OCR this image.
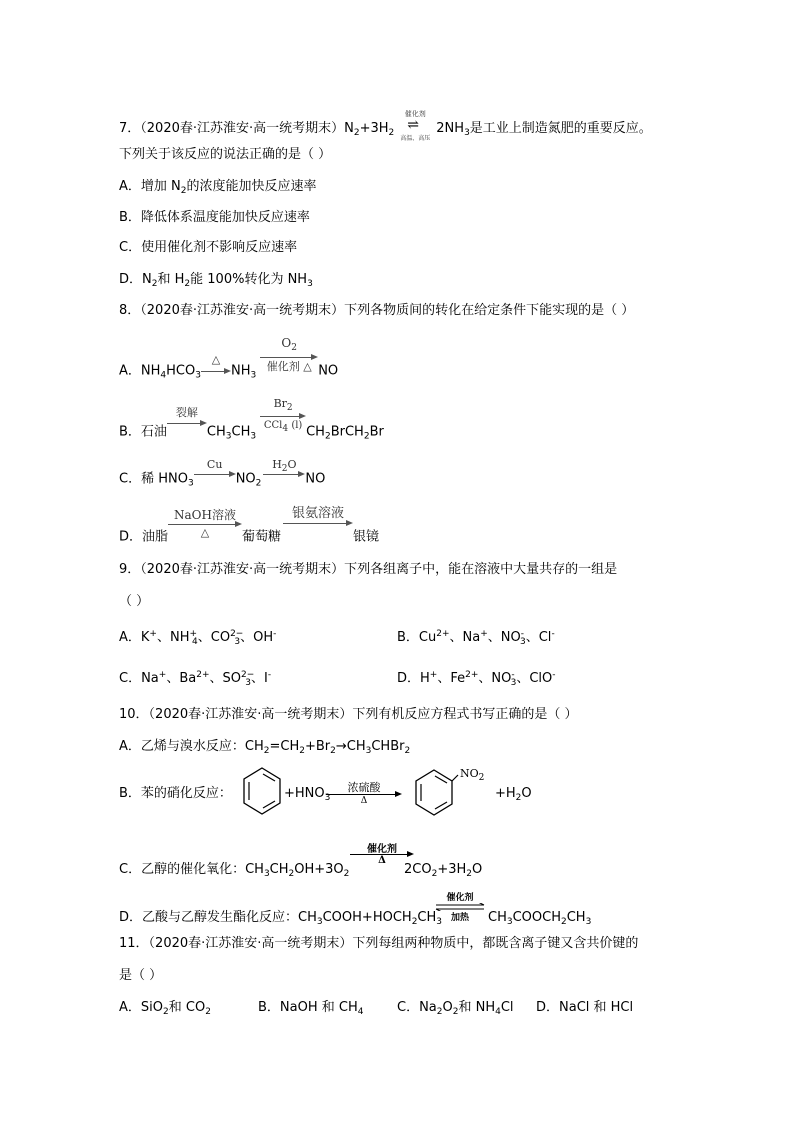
7．（2020春·江苏淮安·高一统考期末）$N_2+3H_2$
催化剂
⇌
高温、高压
$2NH_3$是工业上制造氮肥的重要反应。
下列关于该反应的说法正确的是（ ）
A．增加 $N_2$的浓度能加快反应速率
B．降低体系温度能加快反应速率
C．使用催化剂不影响反应速率
D．$N_2$和 $H_2$能 100%转化为 $NH_3$
8．（2020春·江苏淮安·高一统考期末）下列各物质间的转化在给定条件下能实现的是（ ）
A．$NH_4HCO_3$
△
$NH_3$
$O_2$
催化剂 △ NO
B．石油
裂解
$CH_3CH_3$
$Br_2$
CCl$_4$ (l) $CH_2BrCH_2Br$
C．稀 $HNO_3$
Cu
$NO_2$
$H_2O$
NO
D．油脂
NaOH溶液
△	葡萄糖
银氨溶液
银镜
9．（2020春·江苏淮安·高一统考期末）下列各组离子中，能在溶液中大量共存的一组是
（ ）
A．K+、$NH^+_4$、$CO^{2-}_3$、OH-	B．$Cu^{2+}$、Na+、$NO^-_3$、Cl-
C．Na+、$Ba^{2+}$、$SO^{2-}_3$、I-	D．H+、$Fe^{2+}$、$NO^-_3$、ClO-
10．（2020春·江苏淮安·高一统考期末）下列有机反应方程式书写正确的是（ ）
A．乙烯与溴水反应：$CH_2=CH_2+Br_2\to CH_3CHBr_2$
B．苯的硝化反应：	$+HNO_3$
浓硫酸
Δ
$NO_2$
$+H_2O$
C．乙醇的催化氧化：$CH_3CH_2OH+3O_2$
催化剂
Δ
$2CO_2+3H_2O$
D．乙酸与乙醇发生酯化反应：$CH_3COOH+HOCH_2CH_3$
催化剂
加热	$CH_3COOCH_2CH_3$
11．（2020春·江苏淮安·高一统考期末）下列每组两种物质中，都既含离子键又含共价键的
是（ ）
A．SiO$_2$和 $CO_2$	B．NaOH 和 $CH_4$	C．$Na_2O_2$和 $NH_4Cl$ D．NaCl 和 HCl
